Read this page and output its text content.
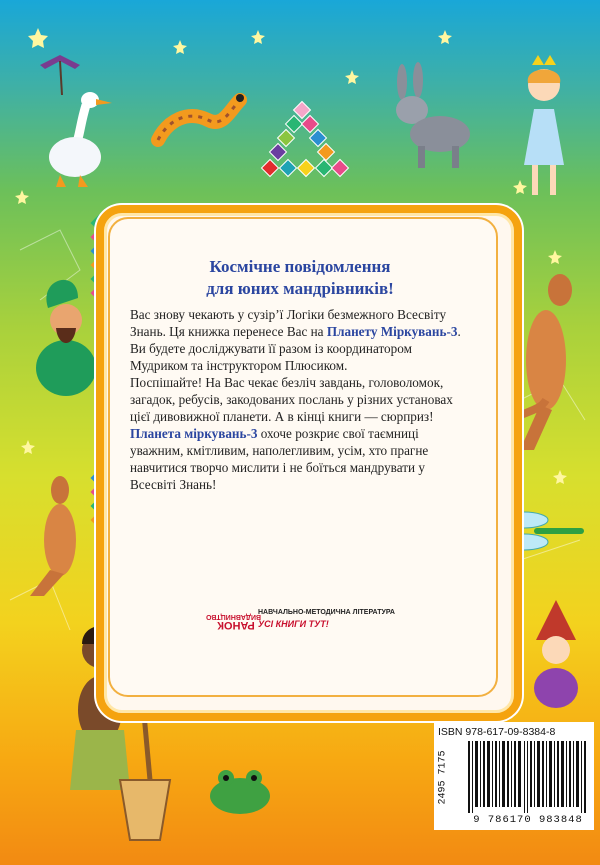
Космічне повідомлення
для юних мандрівників!

Вас знову чекають у сузір’ї Логіки безмежного Всесвіту Знань. Ця книжка перенесе Вас на Планету Міркувань-3. Ви будете досліджувати її разом із координатором Мудриком та інструктором Плюсиком.

Поспішайте! На Вас чекає безліч завдань, головоломок, загадок, ребусів, закодованих послань у різних установах цієї дивовижної планети. А в кінці книги — сюрприз!

Планета міркувань-3 охоче розкриє свої таємниці уважним, кмітливим, наполегливим, усім, хто прагне навчитися творчо мислити і не боїться мандрувати у Всесвіті Знань!

ВИДАВНИЦТВО
РАНОК
НАВЧАЛЬНО-МЕТОДИЧНА ЛІТЕРАТУРА
УСІ КНИГИ ТУТ!
ISBN 978-617-09-8384-8
2495 7175
9 786170 983848
